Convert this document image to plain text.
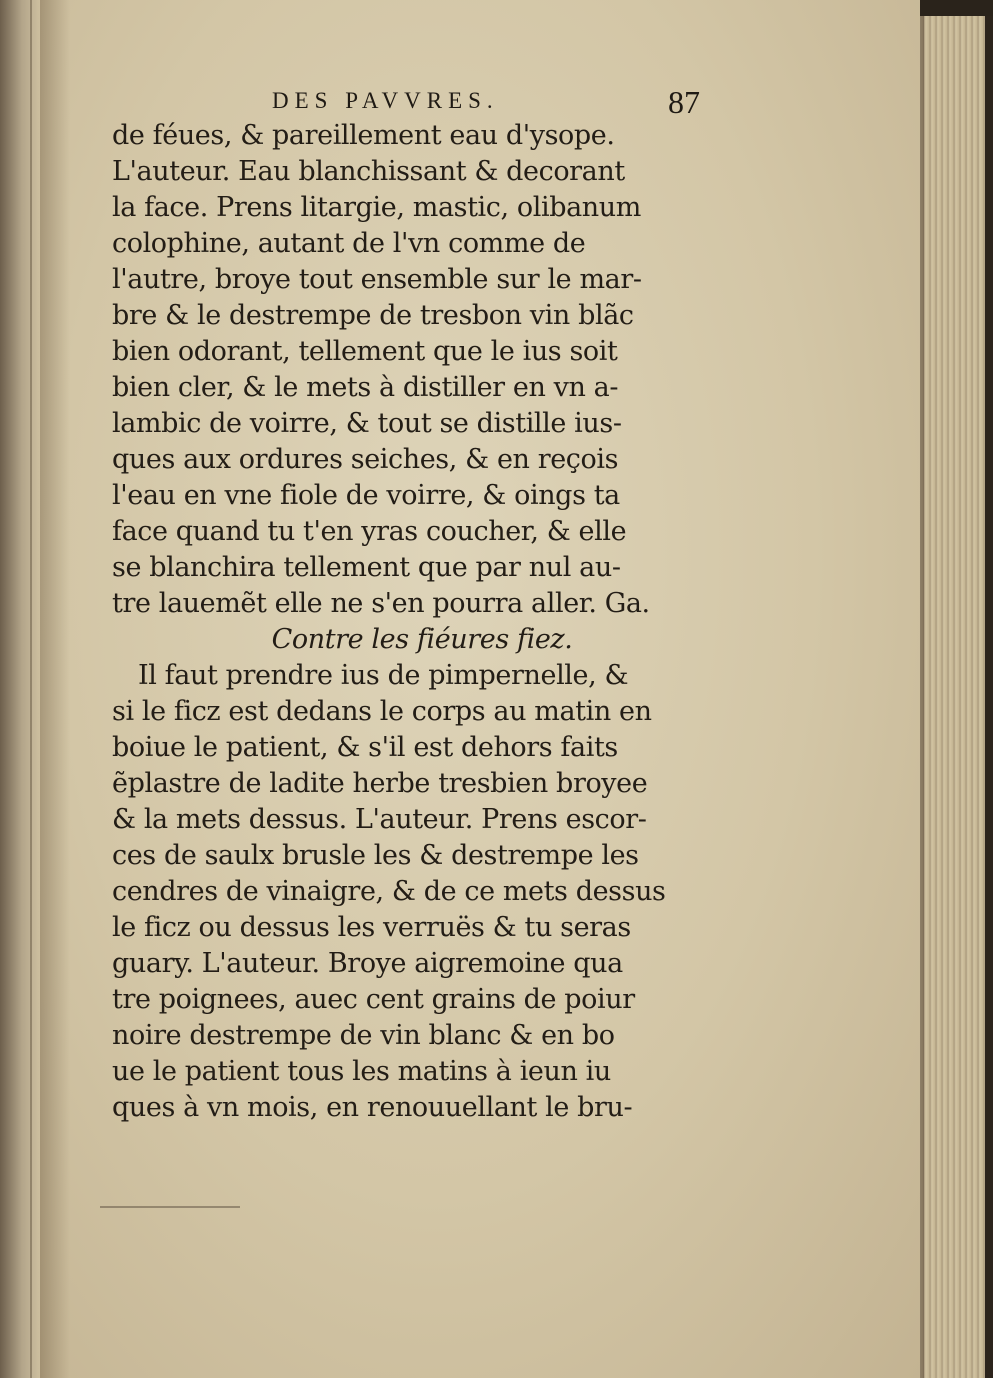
DES PAVVRES.	87
de féues, & pareillement eau d'ysope.
L'auteur. Eau blanchissant & decorant
la face. Prens litargie, mastic, olibanum
colophine, autant de l'vn comme de
l'autre, broye tout ensemble sur le mar-
bre & le destrempe de tresbon vin blãc
bien odorant, tellement que le ius soit
bien cler, & le mets à distiller en vn a-
lambic de voirre, & tout se distille ius-
ques aux ordures seiches, & en reçois
l'eau en vne fiole de voirre, & oings ta
face quand tu t'en yras coucher, & elle
se blanchira tellement que par nul au-
tre lauemẽt elle ne s'en pourra aller. Ga.
Contre les fiéures fiez.
Il faut prendre ius de pimpernelle, &
si le ficz est dedans le corps au matin en
boiue le patient, & s'il est dehors faits
ẽplastre de ladite herbe tresbien broyee
& la mets dessus. L'auteur. Prens escor-
ces de saulx brusle les & destrempe les
cendres de vinaigre, & de ce mets dessus
le ficz ou dessus les verruës & tu seras
guary. L'auteur. Broye aigremoine qua
tre poignees, auec cent grains de poiur
noire destrempe de vin blanc & en bo
ue le patient tous les matins à ieun iu
ques à vn mois, en renouuellant le bru-
